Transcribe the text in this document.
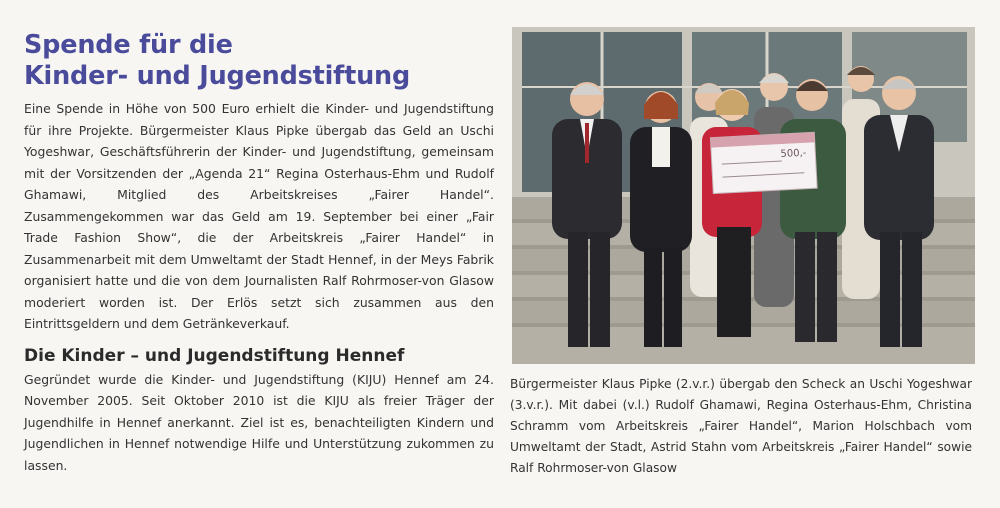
Spende für die
Kinder- und Jugendstiftung

Eine Spende in Höhe von 500 Euro erhielt die Kinder- und Jugendstiftung für ihre Projekte. Bürgermeister Klaus Pipke übergab das Geld an Uschi Yogeshwar, Geschäftsführerin der Kinder- und Jugendstiftung, gemeinsam mit der Vorsitzenden der „Agenda 21“ Regina Osterhaus-Ehm und Rudolf Ghamawi, Mitglied des Arbeitskreises „Fairer Handel“. Zusammengekommen war das Geld am 19. September bei einer „Fair Trade Fashion Show“, die der Arbeitskreis „Fairer Handel“ in Zusammenarbeit mit dem Umweltamt der Stadt Hennef, in der Meys Fabrik organisiert hatte und die von dem Journalisten Ralf Rohrmoser-von Glasow moderiert worden ist. Der Erlös setzt sich zusammen aus den Eintrittsgeldern und dem Getränkeverkauf.

Die Kinder – und Jugendstiftung Hennef

Gegründet wurde die Kinder- und Jugendstiftung (KIJU) Hennef am 24. November 2005. Seit Oktober 2010 ist die KIJU als freier Träger der Jugendhilfe in Hennef anerkannt. Ziel ist es, benachteiligten Kindern und Jugendlichen in Hennef notwendige Hilfe und Unterstützung zukommen zu lassen.

500,-

Bürgermeister Klaus Pipke (2.v.r.) übergab den Scheck an Uschi Yogeshwar (3.v.r.). Mit dabei (v.l.) Rudolf Ghamawi, Regina Osterhaus-Ehm, Christina Schramm vom Arbeitskreis „Fairer Handel“, Marion Holschbach vom Umweltamt der Stadt, Astrid Stahn vom Arbeitskreis „Fairer Handel“ sowie Ralf Rohrmoser-von Glasow
